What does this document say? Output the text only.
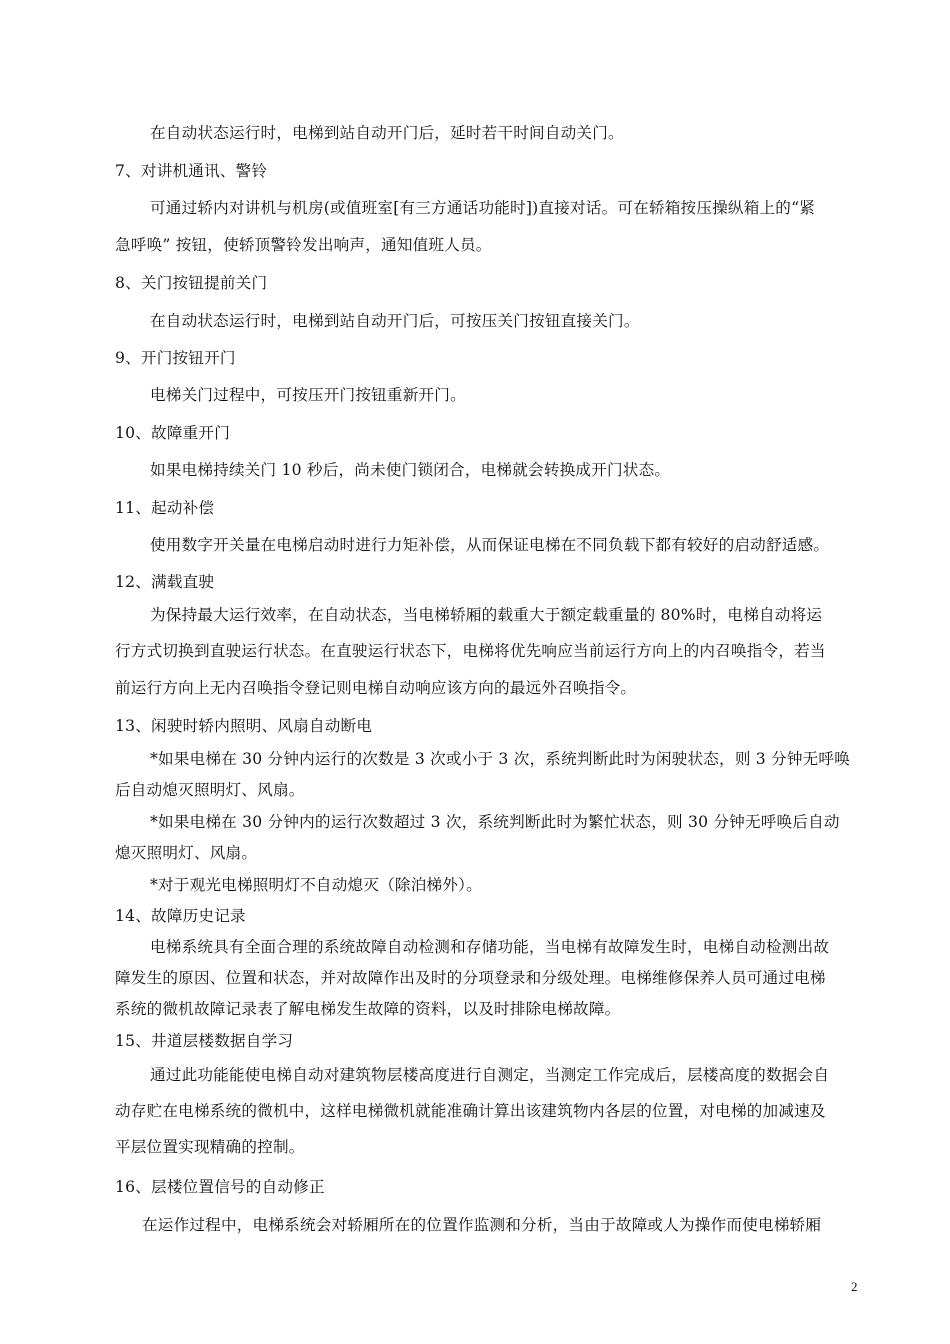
在自动状态运行时，电梯到站自动开门后，延时若干时间自动关门。
7、对讲机通讯、警铃
可通过轿内对讲机与机房(或值班室[有三方通话功能时])直接对话。可在轿箱按压操纵箱上的“紧
急呼唤” 按钮，使轿顶警铃发出响声，通知值班人员。
8、关门按钮提前关门
在自动状态运行时，电梯到站自动开门后，可按压关门按钮直接关门。
9、开门按钮开门
电梯关门过程中，可按压开门按钮重新开门。
10、故障重开门
如果电梯持续关门 10 秒后，尚未使门锁闭合，电梯就会转换成开门状态。
11、起动补偿
使用数字开关量在电梯启动时进行力矩补偿，从而保证电梯在不同负载下都有较好的启动舒适感。
12、满载直驶
为保持最大运行效率，在自动状态，当电梯轿厢的载重大于额定载重量的 80%时，电梯自动将运
行方式切换到直驶运行状态。在直驶运行状态下，电梯将优先响应当前运行方向上的内召唤指令，若当
前运行方向上无内召唤指令登记则电梯自动响应该方向的最远外召唤指令。
13、闲驶时轿内照明、风扇自动断电
*如果电梯在 30 分钟内运行的次数是 3 次或小于 3 次，系统判断此时为闲驶状态，则 3 分钟无呼唤
后自动熄灭照明灯、风扇。
*如果电梯在 30 分钟内的运行次数超过 3 次，系统判断此时为繁忙状态，则 30 分钟无呼唤后自动
熄灭照明灯、风扇。
*对于观光电梯照明灯不自动熄灭（除泊梯外）。
14、故障历史记录
电梯系统具有全面合理的系统故障自动检测和存储功能，当电梯有故障发生时，电梯自动检测出故
障发生的原因、位置和状态，并对故障作出及时的分项登录和分级处理。电梯维修保养人员可通过电梯
系统的微机故障记录表了解电梯发生故障的资料，以及时排除电梯故障。
15、井道层楼数据自学习
通过此功能能使电梯自动对建筑物层楼高度进行自测定，当测定工作完成后，层楼高度的数据会自
动存贮在电梯系统的微机中，这样电梯微机就能准确计算出该建筑物内各层的位置，对电梯的加减速及
平层位置实现精确的控制。
16、层楼位置信号的自动修正
在运作过程中，电梯系统会对轿厢所在的位置作监测和分析，当由于故障或人为操作而使电梯轿厢
2
